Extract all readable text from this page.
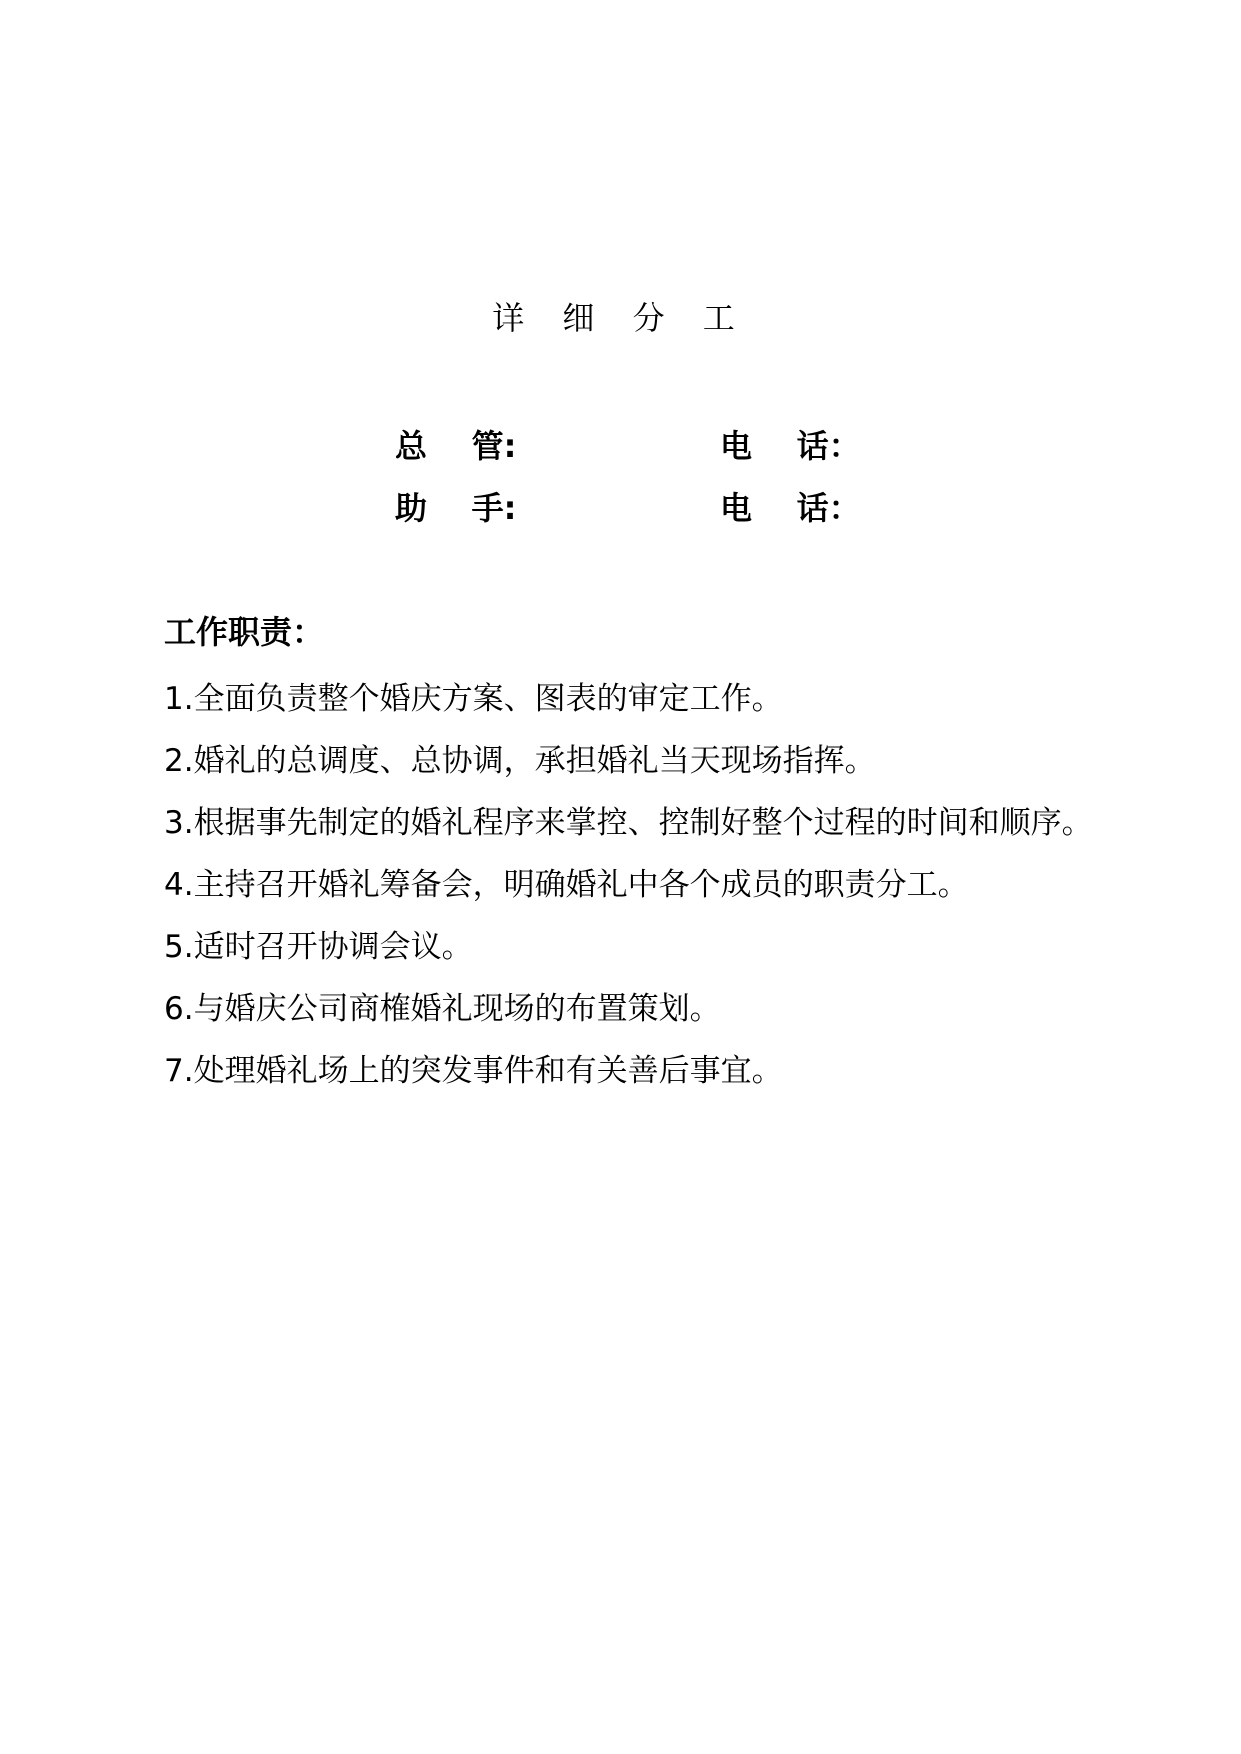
详 细 分 工
总    管:	电    话：
助    手:	电    话：
工作职责：
1.全面负责整个婚庆方案、图表的审定工作。
2.婚礼的总调度、总协调，承担婚礼当天现场指挥。
3.根据事先制定的婚礼程序来掌控、控制好整个过程的时间和顺序。
4.主持召开婚礼筹备会，明确婚礼中各个成员的职责分工。
5.适时召开协调会议。
6.与婚庆公司商榷婚礼现场的布置策划。
7.处理婚礼场上的突发事件和有关善后事宜。
